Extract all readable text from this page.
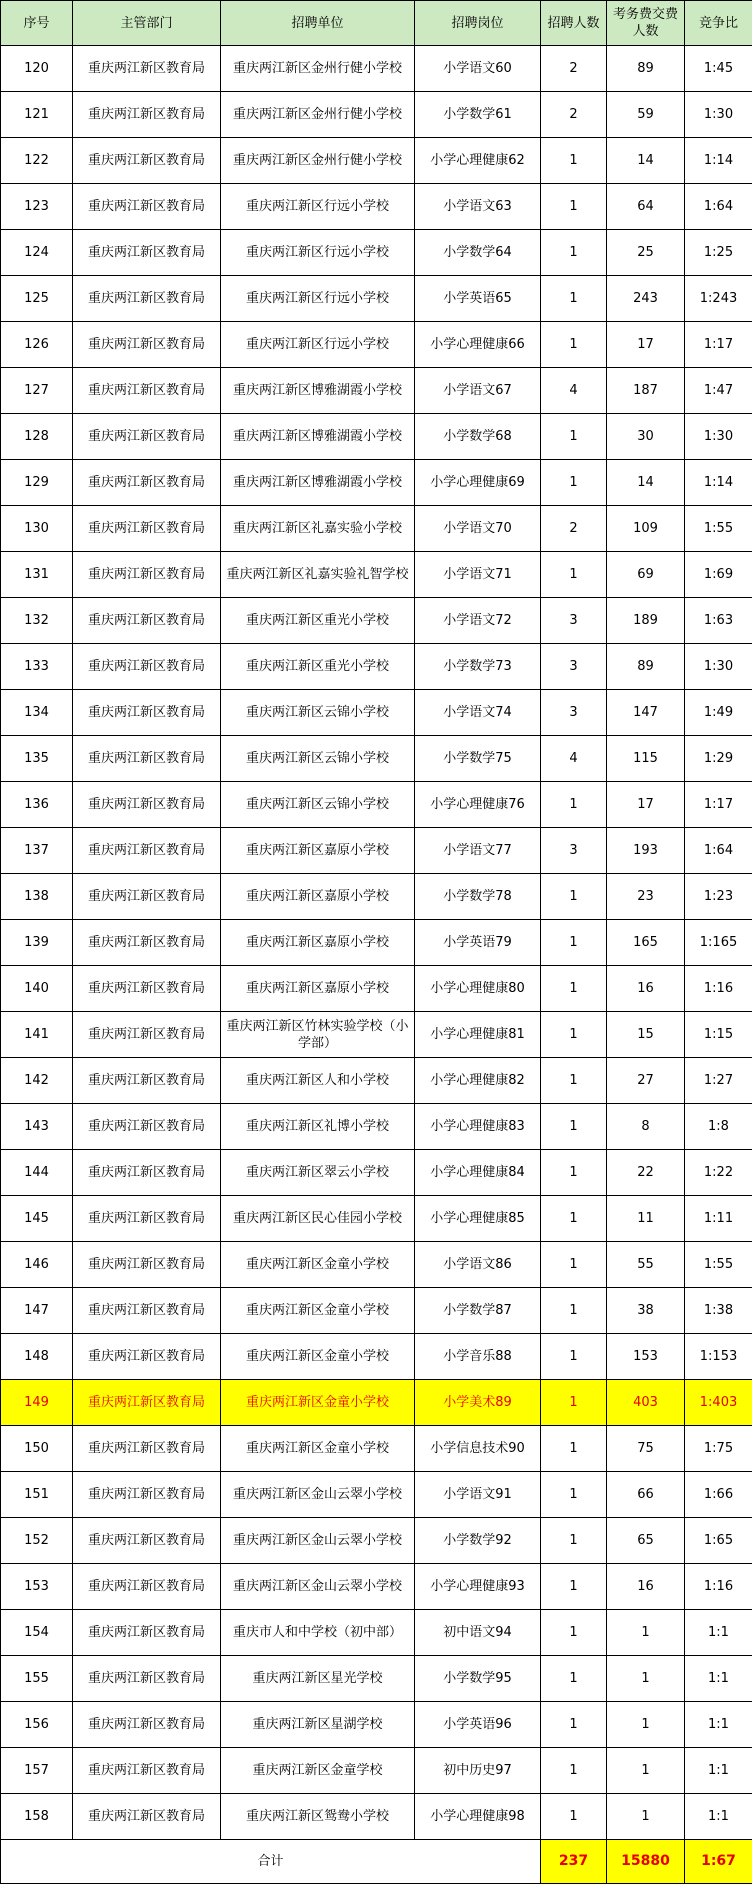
序号	主管部门	招聘单位	招聘岗位	招聘人数	考务费交费人数	竞争比
120	重庆两江新区教育局	重庆两江新区金州行健小学校	小学语文60	2	89	1:45
121	重庆两江新区教育局	重庆两江新区金州行健小学校	小学数学61	2	59	1:30
122	重庆两江新区教育局	重庆两江新区金州行健小学校	小学心理健康62	1	14	1:14
123	重庆两江新区教育局	重庆两江新区行远小学校	小学语文63	1	64	1:64
124	重庆两江新区教育局	重庆两江新区行远小学校	小学数学64	1	25	1:25
125	重庆两江新区教育局	重庆两江新区行远小学校	小学英语65	1	243	1:243
126	重庆两江新区教育局	重庆两江新区行远小学校	小学心理健康66	1	17	1:17
127	重庆两江新区教育局	重庆两江新区博雅湖霞小学校	小学语文67	4	187	1:47
128	重庆两江新区教育局	重庆两江新区博雅湖霞小学校	小学数学68	1	30	1:30
129	重庆两江新区教育局	重庆两江新区博雅湖霞小学校	小学心理健康69	1	14	1:14
130	重庆两江新区教育局	重庆两江新区礼嘉实验小学校	小学语文70	2	109	1:55
131	重庆两江新区教育局	重庆两江新区礼嘉实验礼智学校	小学语文71	1	69	1:69
132	重庆两江新区教育局	重庆两江新区重光小学校	小学语文72	3	189	1:63
133	重庆两江新区教育局	重庆两江新区重光小学校	小学数学73	3	89	1:30
134	重庆两江新区教育局	重庆两江新区云锦小学校	小学语文74	3	147	1:49
135	重庆两江新区教育局	重庆两江新区云锦小学校	小学数学75	4	115	1:29
136	重庆两江新区教育局	重庆两江新区云锦小学校	小学心理健康76	1	17	1:17
137	重庆两江新区教育局	重庆两江新区嘉原小学校	小学语文77	3	193	1:64
138	重庆两江新区教育局	重庆两江新区嘉原小学校	小学数学78	1	23	1:23
139	重庆两江新区教育局	重庆两江新区嘉原小学校	小学英语79	1	165	1:165
140	重庆两江新区教育局	重庆两江新区嘉原小学校	小学心理健康80	1	16	1:16
141	重庆两江新区教育局	重庆两江新区竹林实验学校（小学部）	小学心理健康81	1	15	1:15
142	重庆两江新区教育局	重庆两江新区人和小学校	小学心理健康82	1	27	1:27
143	重庆两江新区教育局	重庆两江新区礼博小学校	小学心理健康83	1	8	1:8
144	重庆两江新区教育局	重庆两江新区翠云小学校	小学心理健康84	1	22	1:22
145	重庆两江新区教育局	重庆两江新区民心佳园小学校	小学心理健康85	1	11	1:11
146	重庆两江新区教育局	重庆两江新区金童小学校	小学语文86	1	55	1:55
147	重庆两江新区教育局	重庆两江新区金童小学校	小学数学87	1	38	1:38
148	重庆两江新区教育局	重庆两江新区金童小学校	小学音乐88	1	153	1:153
149	重庆两江新区教育局	重庆两江新区金童小学校	小学美术89	1	403	1:403
150	重庆两江新区教育局	重庆两江新区金童小学校	小学信息技术90	1	75	1:75
151	重庆两江新区教育局	重庆两江新区金山云翠小学校	小学语文91	1	66	1:66
152	重庆两江新区教育局	重庆两江新区金山云翠小学校	小学数学92	1	65	1:65
153	重庆两江新区教育局	重庆两江新区金山云翠小学校	小学心理健康93	1	16	1:16
154	重庆两江新区教育局	重庆市人和中学校（初中部）	初中语文94	1	1	1:1
155	重庆两江新区教育局	重庆两江新区星光学校	小学数学95	1	1	1:1
156	重庆两江新区教育局	重庆两江新区星湖学校	小学英语96	1	1	1:1
157	重庆两江新区教育局	重庆两江新区金童学校	初中历史97	1	1	1:1
158	重庆两江新区教育局	重庆两江新区鸳鸯小学校	小学心理健康98	1	1	1:1
合计				237	15880	1:67
